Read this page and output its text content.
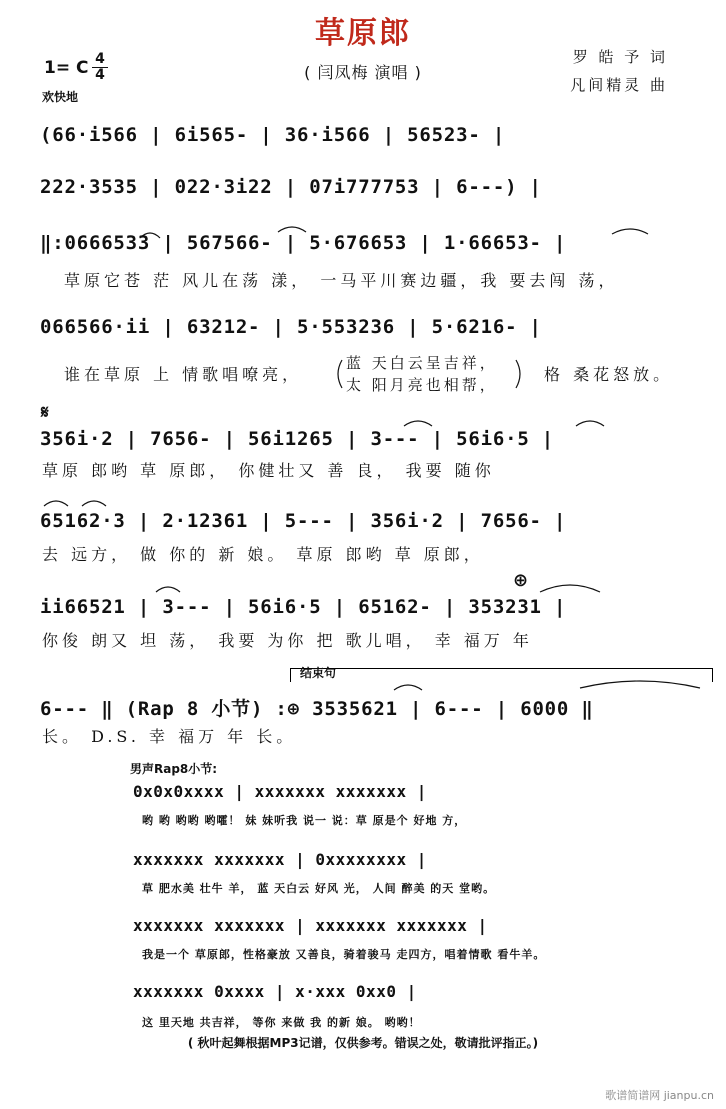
草原郎
( 闫凤梅 演唱 )
罗 皓 予 词
凡间精灵 曲
1= C 4
4
欢快地
(66·i566 | 6i565- | 36·i566 | 56523- |
222·3535 | 022·3i22 | 07i777753 | 6---) |
‖:0666533 | 567566- | 5·676653 | 1·66653- |
草原它苍 茫 风儿在荡 漾， 一马平川赛边疆，我 要去闯 荡，
066566·ii | 63212- | 5·553236 | 5·6216- |
谁在草原 上 情歌唱嘹亮，
蓝 天白云呈吉祥，
太 阳月亮也相帮，
格 桑花怒放。
𝄋
356i·2 | 7656- | 56i1265 | 3--- | 56i6·5 |
草原 郎哟 草 原郎， 你健壮又 善 良， 我要 随你
65162·3 | 2·12361 | 5--- | 356i·2 | 7656- |
去 远方， 做 你的 新 娘。 草原 郎哟 草 原郎，
⊕
ii66521 | 3--- | 56i6·5 | 65162- | 353231 |
你俊 朗又 坦 荡， 我要 为你 把 歌儿唱， 幸 福万 年
结束句
6--- ‖ (Rap 8 小节) :⊕ 3535621 | 6--- | 6000 ‖
长。 D.S. 幸 福万 年 长。
男声Rap8小节:
0x0x0xxxx | xxxxxxx xxxxxxx |
哟 哟 哟哟 哟嚯！ 妹 妹听我 说一 说：草 原是个 好地 方，
xxxxxxx xxxxxxx | 0xxxxxxxx |
草 肥水美 壮牛 羊， 蓝 天白云 好风 光， 人间 醉美 的天 堂哟。
xxxxxxx xxxxxxx | xxxxxxx xxxxxxx |
我是一个 草原郎，性格豪放 又善良，骑着骏马 走四方，唱着情歌 看牛羊。
xxxxxxx 0xxxx | x·xxx 0xx0 |
这 里天地 共吉祥， 等你 来做 我 的新 娘。 哟哟！
( 秋叶起舞根据MP3记谱，仅供参考。错误之处，敬请批评指正。)
歌谱简谱网 jianpu.cn
